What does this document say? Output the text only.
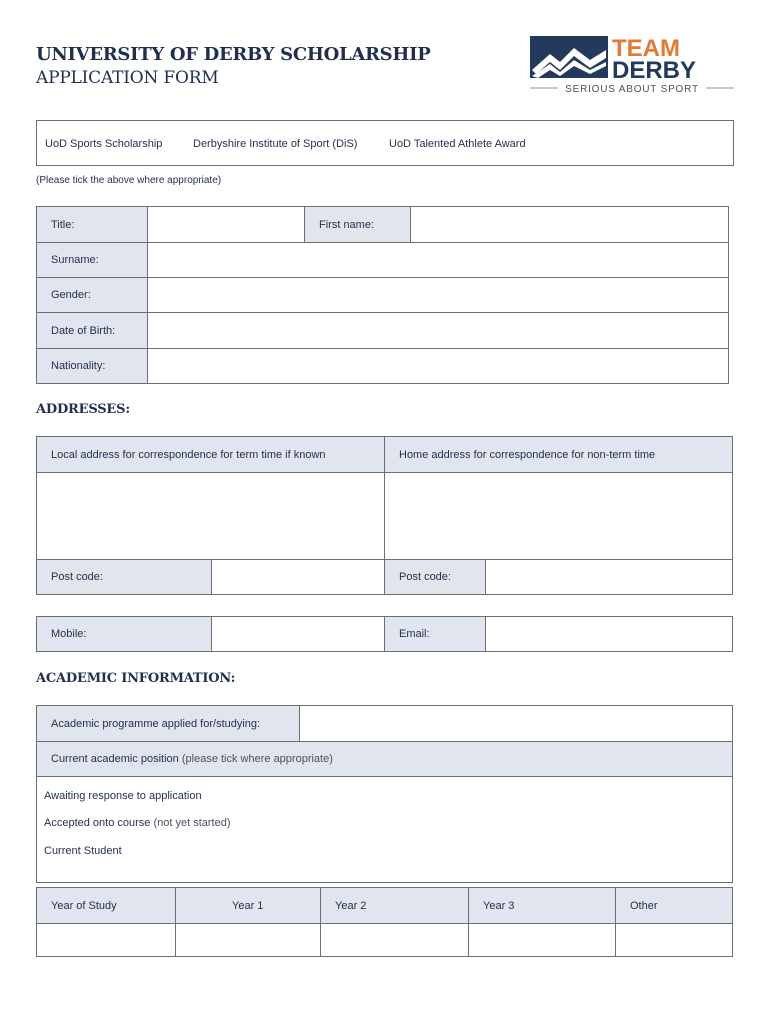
UNIVERSITY OF DERBY SCHOLARSHIP
APPLICATION FORM
TEAM
DERBY
SERIOUS ABOUT SPORT
UoD Sports Scholarship	Derbyshire Institute of Sport (DiS)	UoD Talented Athlete Award
(Please tick the above where appropriate)
Title:	First name:
Surname:
Gender:
Date of Birth:
Nationality:
ADDRESSES:
Local address for correspondence for term time if known	Home address for correspondence for non-term time
Post code:	Post code:
Mobile:	Email:
ACADEMIC INFORMATION:
Academic programme applied for/studying:
Current academic position (please tick where appropriate)
Awaiting response to application
Accepted onto course (not yet started)
Current Student
Year of Study	Year 1	Year 2	Year 3	Other
